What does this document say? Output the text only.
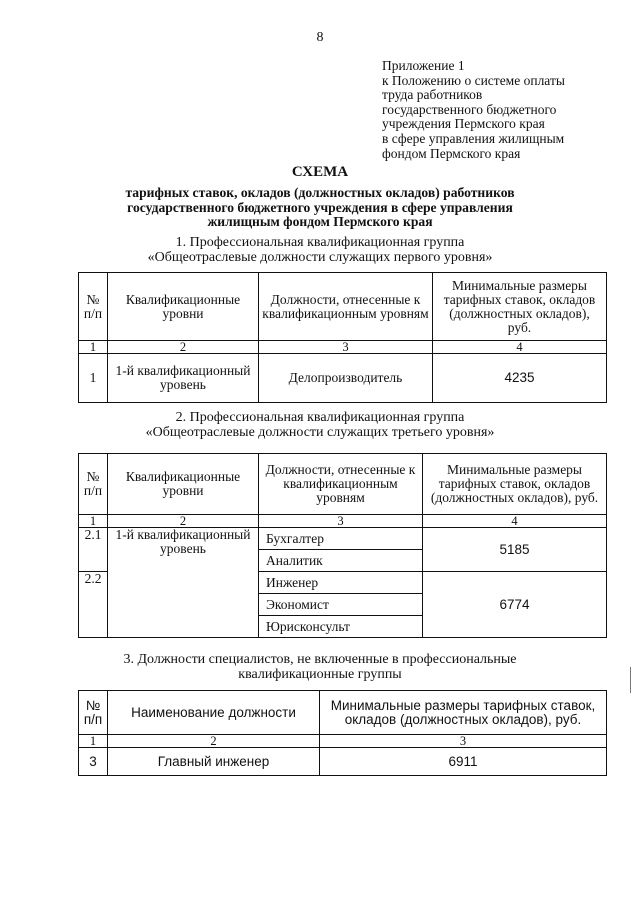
8
Приложение 1
к Положению о системе оплаты
труда работников
государственного бюджетного
учреждения Пермского края
в сфере управления жилищным
фондом Пермского края
СХЕМА
тарифных ставок, окладов (должностных окладов) работников
государственного бюджетного учреждения в сфере управления
жилищным фондом Пермского края
1. Профессиональная квалификационная группа
«Общеотраслевые должности служащих первого уровня»
№ п/п	Квалификационные уровни	Должности, отнесенные к квалификационным уровням	Минимальные размеры тарифных ставок, окладов (должностных окладов), руб.
1	2	3	4
1	1-й квалификационный уровень	Делопроизводитель	4235
2. Профессиональная квалификационная группа
«Общеотраслевые должности служащих третьего уровня»
№ п/п	Квалификационные уровни	Должности, отнесенные к квалификационным уровням	Минимальные размеры тарифных ставок, окладов (должностных окладов), руб.
1	2	3	4
2.1	1-й квалификационный уровень	Бухгалтер	5185
		Аналитик	
2.2		Инженер	6774
		Экономист	
		Юрисконсульт	
3. Должности специалистов, не включенные в профессиональные
квалификационные группы
№ п/п	Наименование должности	Минимальные размеры тарифных ставок, окладов (должностных окладов), руб.
1	2	3
3	Главный инженер	6911
